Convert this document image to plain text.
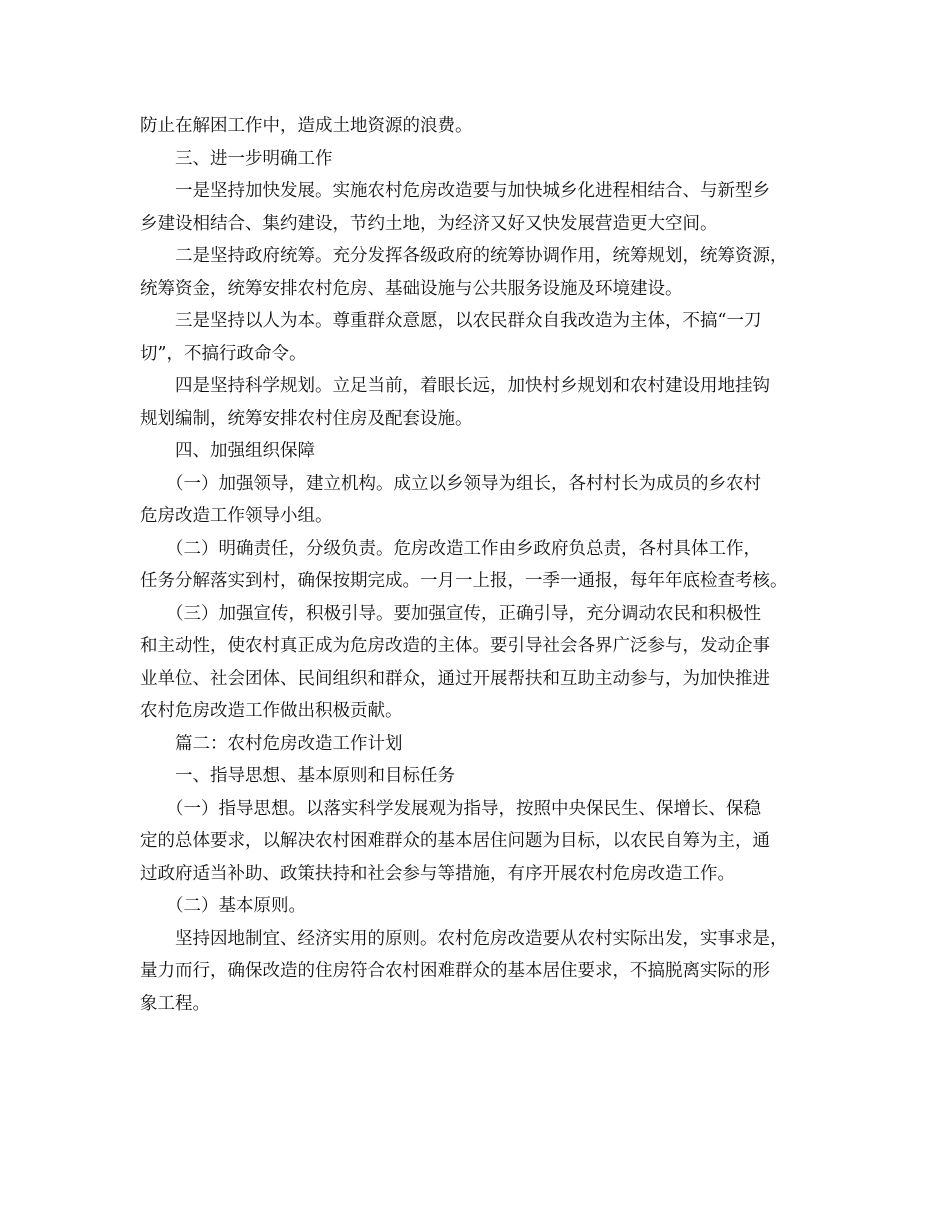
防止在解困工作中，造成土地资源的浪费。
三、进一步明确工作
一是坚持加快发展。实施农村危房改造要与加快城乡化进程相结合、与新型乡
乡建设相结合、集约建设，节约土地，为经济又好又快发展营造更大空间。
二是坚持政府统筹。充分发挥各级政府的统筹协调作用，统筹规划，统筹资源，
统筹资金，统筹安排农村危房、基础设施与公共服务设施及环境建设。
三是坚持以人为本。尊重群众意愿，以农民群众自我改造为主体，不搞“一刀
切”，不搞行政命令。
四是坚持科学规划。立足当前，着眼长远，加快村乡规划和农村建设用地挂钩
规划编制，统筹安排农村住房及配套设施。
四、加强组织保障
（一）加强领导，建立机构。成立以乡领导为组长，各村村长为成员的乡农村
危房改造工作领导小组。
（二）明确责任，分级负责。危房改造工作由乡政府负总责，各村具体工作，
任务分解落实到村，确保按期完成。一月一上报，一季一通报，每年年底检查考核。
（三）加强宣传，积极引导。要加强宣传，正确引导，充分调动农民和积极性
和主动性，使农村真正成为危房改造的主体。要引导社会各界广泛参与，发动企事
业单位、社会团体、民间组织和群众，通过开展帮扶和互助主动参与，为加快推进
农村危房改造工作做出积极贡献。
篇二：农村危房改造工作计划
一、指导思想、基本原则和目标任务
（一）指导思想。以落实科学发展观为指导，按照中央保民生、保增长、保稳
定的总体要求，以解决农村困难群众的基本居住问题为目标，以农民自筹为主，通
过政府适当补助、政策扶持和社会参与等措施，有序开展农村危房改造工作。
（二）基本原则。
坚持因地制宜、经济实用的原则。农村危房改造要从农村实际出发，实事求是，
量力而行，确保改造的住房符合农村困难群众的基本居住要求，不搞脱离实际的形
象工程。
